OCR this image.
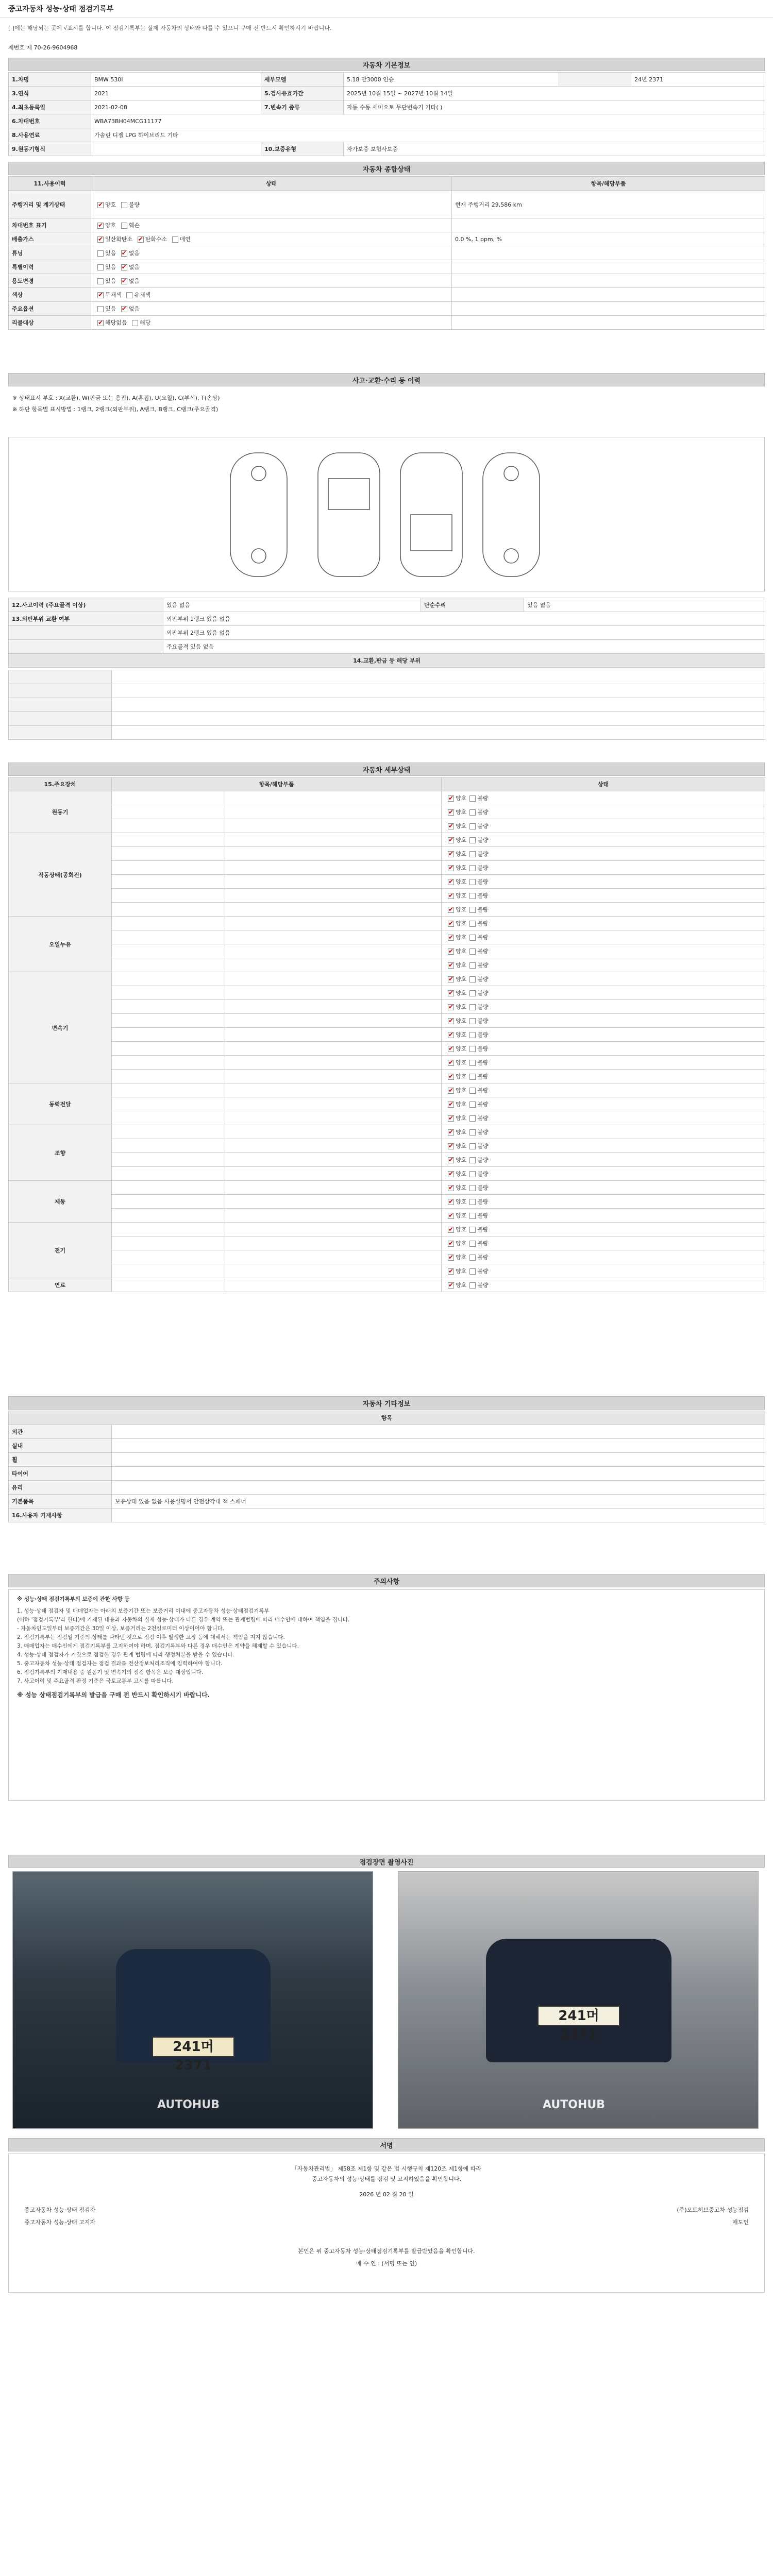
중고자동차 성능·상태 점검기록부
[ ]에는 해당되는 곳에 √표시를 합니다. 이 점검기록부는 실제 자동차의 상태와 다를 수 있으니 구매 전 반드시 확인하시기 바랍니다.
제번호 제 70-26-9604968
자동차 기본정보
1.차명	BMW 530i	세부모델	5.18 만3000 인승		24년 2371
3.연식	2021	5.검사유효기간	2025년 10월 15일 ~ 2027년 10월 14일		
4.최초등록일	2021-02-08	7.변속기 종류	자동 수동 세미오토 무단변속기 기타( )		
6.차대번호	WBA73BH04MCG11177				
8.사용연료	가솔린 디젤 LPG 하이브리드 기타				
9.원동기형식		10.보증유형	자가보증 보험사보증		
자동차 종합상태
11.사용이력	상태	항목/해당부품
주행거리 및 계기상태	✔양호 불량	현재 주행거리 29,586 km
차대번호 표기	✔양호 훼손	
배출가스	✔일산화탄소 ✔탄화수소 매연	0.0 %, 1 ppm, %
튜닝	있음 ✔없음	
특별이력	있음 ✔없음	
용도변경	있음 ✔없음	
색상	✔무채색 유채색	
주요옵션	있음 ✔없음	
리콜대상	✔해당없음 해당	
사고·교환·수리 등 이력
※ 상태표시 부호 : X(교환), W(판금 또는 용접), A(흠집), U(요철), C(부식), T(손상)
※ 하단 항목별 표시방법 : 1랭크, 2랭크(외판부위), A랭크, B랭크, C랭크(주요골격)
12.사고이력 (주요골격 이상)	있음 없음	단순수리	있음 없음
13.외판부위 교환 여부	외판부위 1랭크 있음 없음		
	외판부위 2랭크 있음 없음		
	주요골격 있음 없음		
14.교환,판금 등 해당 부위			

자동차 세부상태
15.주요장치	항목/해당부품		상태
원동기			✔양호 불량
		✔양호 불량
		✔양호 불량
작동상태(공회전)			✔양호 불량
		✔양호 불량
		✔양호 불량
		✔양호 불량
		✔양호 불량
		✔양호 불량
오일누유			✔양호 불량
		✔양호 불량
		✔양호 불량
		✔양호 불량
변속기			✔양호 불량
		✔양호 불량
		✔양호 불량
		✔양호 불량
		✔양호 불량
		✔양호 불량
		✔양호 불량
		✔양호 불량
동력전달			✔양호 불량
		✔양호 불량
		✔양호 불량
조향			✔양호 불량
		✔양호 불량
		✔양호 불량
		✔양호 불량
제동			✔양호 불량
		✔양호 불량
		✔양호 불량
전기			✔양호 불량
		✔양호 불량
		✔양호 불량
		✔양호 불량
연료			✔양호 불량
자동차 기타정보
항목	
외관	
실내	
휠	
타이어	
유리	
기본품목	보유상태 있음 없음 사용설명서 안전삼각대 잭 스패너
16.사용자 기재사항	
주의사항
※ 성능·상태 점검기록부의 보증에 관한 사항 등
1. 성능·상태 점검자 및 매매업자는 아래의 보증기간 또는 보증거리 이내에 중고자동차 성능·상태점검기록부
(이하 '점검기록부'라 한다)에 기재된 내용과 자동차의 실제 성능·상태가 다른 경우 계약 또는 관계법령에 따라 매수인에 대하여 책임을 집니다.
- 자동차인도일부터 보증기간은 30일 이상, 보증거리는 2천킬로미터 이상이어야 합니다.
2. 점검기록부는 점검일 기준의 상태를 나타낸 것으로 점검 이후 발생한 고장 등에 대해서는 책임을 지지 않습니다.
3. 매매업자는 매수인에게 점검기록부를 고지하여야 하며, 점검기록부와 다른 경우 매수인은 계약을 해제할 수 있습니다.
4. 성능·상태 점검자가 거짓으로 점검한 경우 관계 법령에 따라 행정처분을 받을 수 있습니다.
5. 중고자동차 성능·상태 점검자는 점검 결과를 전산정보처리조직에 입력하여야 합니다.
6. 점검기록부의 기재내용 중 원동기 및 변속기의 점검 항목은 보증 대상입니다.
7. 사고이력 및 주요골격 판정 기준은 국토교통부 고시를 따릅니다.
※ 성능 상태점검기록부의 발급을 구매 전 반드시 확인하시기 바랍니다.
점검장면 촬영사진
241머 2371
AUTOHUB
241머 2371
AUTOHUB
서명
「자동차관리법」 제58조 제1항 및 같은 법 시행규칙 제120조 제1항에 따라
중고자동차의 성능·상태를 점검 및 고지하였음을 확인합니다.
2026 년 02 월 20 일
중고자동차 성능·상태 점검자	(주)오토허브중고차 성능점검
중고자동차 성능·상태 고지자	매도인
본인은 위 중고자동차 성능·상태점검기록부를 발급받았음을 확인합니다.
매 수 인 : (서명 또는 인)
